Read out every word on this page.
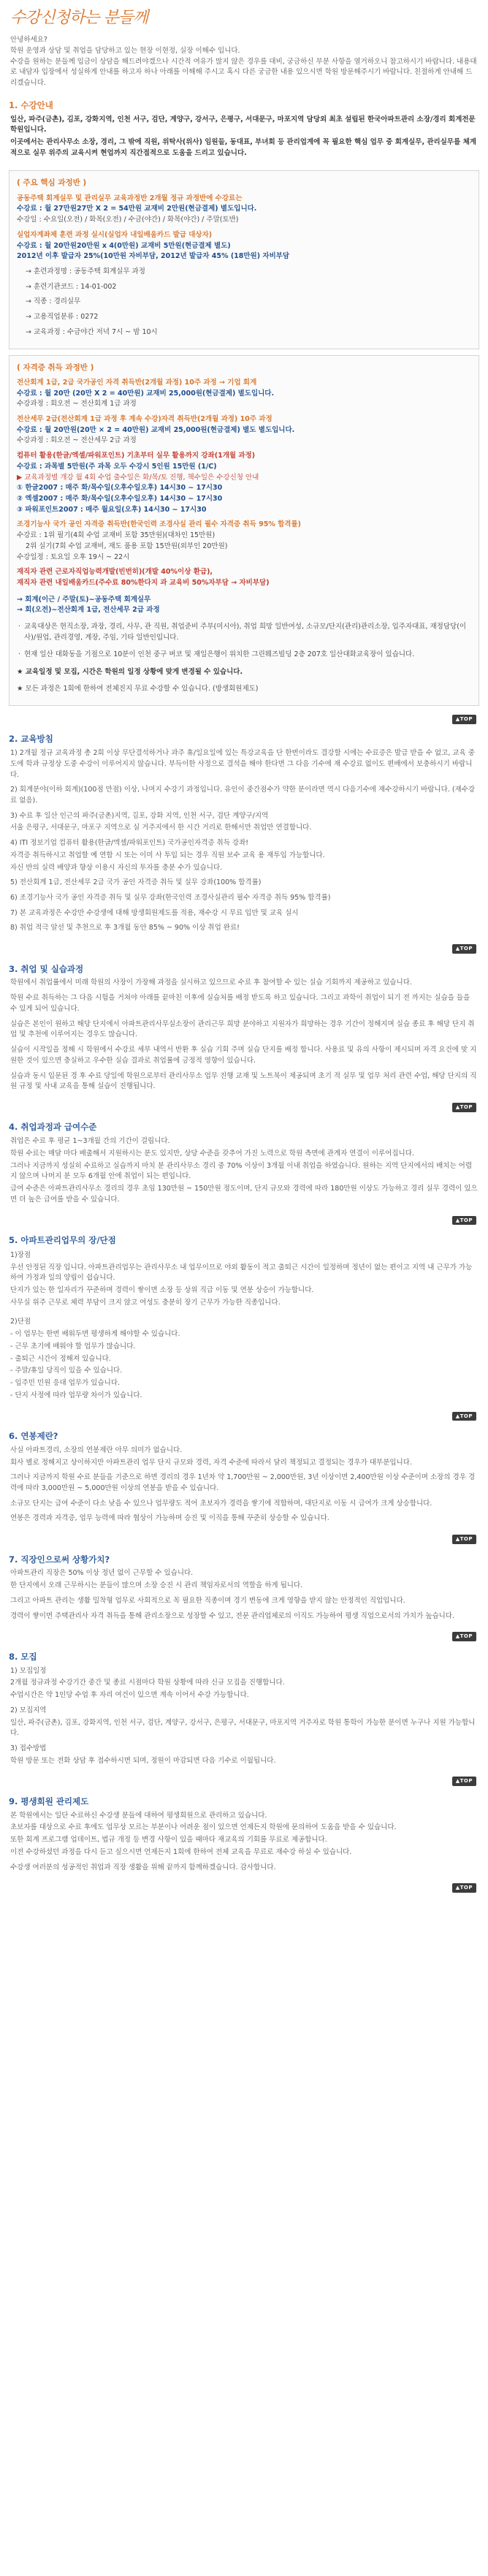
수강신청하는 분들께

안녕하세요?

학원 운영과 상담 및 취업을 담당하고 있는 현장 이현정, 실장 이해수 입니다.

수강을 원하는 분들께 입금이 상담을 해드려야겠으나 시간적 여유가 많지 않은 경우를 대비, 궁금하신 부분 사항을 열거하오니 참고하시기 바랍니다. 내용대로 내담자 입장에서 성실하게 안내를 하고자 하나 아래를 이해해 주시고 혹시 다른 궁금한 내용 있으시면 학원 방문해주시기 바랍니다. 친절하게 안내해 드리겠습니다.

1. 수강안내

일산, 파주(금촌), 김포, 강화지역, 인천 서구, 검단, 계양구, 강서구, 은평구, 서대문구, 마포지역 담당외 최초 설립된 한국아파트관리 소장/경리 회계전문학원입니다.

이곳에서는 관리사무소 소장, 경리, 그 밖에 직원, 위탁사(위사) 임원들, 동대표, 부녀회 등 관리업계에 꼭 필요한 핵심 업무 중 회계실무, 관리실무를 체계적으로 실무 위주의 교육시켜 현업까지 직간접적으로 도움을 드리고 있습니다.

( 주요 핵심 과정반 )
공동주택 회계실무 및 관리실무 교육과정반 2개월 정규 과정반에 수강료는
수강료 : 월 27만원27만 X 2 = 54만원 교재비 2만원(현금결제) 별도입니다.
수강일 : 수요일(오전) / 화목(오전) / 수금(야간) / 화목(야간) / 주말(토반)
실업자계좌제 훈련 과정 실시(실업자 내일배움카드 발급 대상자)
수강료 : 월 20만원20만원 x 4(0만원) 교재비 5만원(현금결제 별도)
2012년 이후 발급자 25%(10만원 자비부담, 2012년 발급자 45% (18만원) 자비부담
→ 훈련과정명 : 공동주택 회계실무 과정
→ 훈련기관코드 : 14-01-002
→ 직종 : 경리실무
→ 고용직업분류 : 0272
→ 교육과정 : 수금야간 저녁 7시 ~ 밤 10시
( 자격증 취득 과정반 )
전산회계 1급, 2급 국가공인 자격 취득반(2개월 과정) 10주 과정 → 기업 회계
수강료 : 월 20만 (20만 X 2 = 40만원) 교재비 25,000원(현금결제) 별도입니다.
수강과정 : 회오전 ~ 전산회계 1급 과정
전산세무 2급(전산회계 1급 과정 후 계속 수강)자격 취득반(2개월 과정) 10주 과정
수강료 : 월 20만원(20만 × 2 = 40만원) 교재비 25,000원(현금결제) 별도 별도입니다.
수강과정 : 회오전 ~ 전산세무 2급 과정
컴퓨터 활용(한글/엑셀/파워포인트) 기초부터 실무 활용까지 강좌(1개월 과정)
수강료 : 과목별 5만원(주 과목 오두 수강시 5인원 15만원 (1/C)
▶ 교육과정별 개강 월 4회 수업 출수일은 화/목/토 진행, 책수일은 수강신청 안내
① 한글2007 : 매주 화/목수일(오후수일오후) 14시30 ~ 17시30
② 엑셀2007 : 매주 화/목수일(오후수일오후) 14시30 ~ 17시30
③ 파워포인트2007 : 매주 월요일(오후) 14시30 ~ 17시30
조경기능사 국가 공인 자격증 취득반(한국인력 조경사실 관리 필수 자격증 취득 95% 합격률)
수강료 : 1위 필기(4회 수업 교재비 포함 35만원)(대차인 15만원)
2위 실기(7회 수업 교재비, 재도 품용 포함 15만원(외부인 20만원)
수강일정 : 토요일 오후 19시 ~ 22시
재직자 관련 근로자직업능력개발(빈번히)(개발 40%이상 환급),
재직자 관련 내일배움카드(주수료 80%한다지 과 교육비 50%자부담 → 자비부담)
→ 회계(이근 / 주말(토)~공동주택 회계실무
→ 회(오전)~전산회계 1급, 전산세무 2급 과정
· 교육대상은 현직소장, 과장, 경리, 사무, 관 직원, 취업준비 주부(미시아), 취업 희망 일반여성, 소규모/단지(관리)관리소장, 입주자대표, 재정담당(이사)/원업, 관리경영, 계장, 주임, 기타 일반인입니다.
· 현재 일산 대화동을 기점으로 10분이 인천 중구 버코 및 재일은행이 위치한 그린웨즈빌딩 2층 207호 일산대화교육장이 있습니다.
★ 교육일정 및 모집, 시간은 학원의 일정 상황에 맞게 변경될 수 있습니다.
★ 모든 과정은 1회에 한하여 전체진지 무료 수강할 수 있습니다. (방생회원제도)
▲TOP
2. 교육방침

1) 2개월 정규 교육과정 총 2회 이상 무단결석하거나 과주 휴/일요일에 있는 특강교육을 단 한번이라도 결강할 시에는 수료증은 발급 받을 수 없고, 교육 중도에 학과 규정상 도중 수강이 이루어지지 않습니다. 부득이한 사정으로 결석을 해야 한다면 그 다음 기수에 재 수강료 없이도 편배에서 보충하시기 바랍니다.

2) 회계분야(이하 회계)(100점 만점) 이상, 나머지 수강기 과정입니다. 유인이 중간점수가 약한 분이라면 역시 다음기수에 재수강하시기 바랍니다. (재수강료 없음).

3) 수료 후 일산 인근의 파주(금촌)지역, 김포, 강화 지역, 인천 서구, 검단 계양구/지역

서울 은평구, 서대문구, 마포구 지역으로 실 거주지에서 한 시간 거리로 한해서만 취업만 연결합니다.

4) ITI 정보기업 컴퓨터 활용(한글/엑셀/파워포인트) 국가공인자격증 취득 강좌!

자격증 취득하시고 취업할 예 연합 시 또는 이미 사 투입 되는 경우 직원 보수 교육 용 재투입 가능합니다.

자신 반의 실력 배양과 향상 이용시 자신의 투자를 충분 수가 있습니다.

5) 전산회계 1급, 전산세무 2급 국가 공인 자격증 취득 및 실무 강좌(100% 합격률)

6) 조경기능사 국가 공인 자격증 취득 및 실무 강좌(한국인력 조경사실관리 필수 자격증 취득 95% 합격률)

7) 본 교육과정은 수강만 수강생에 대해 방생회원제도를 적용, 재수강 시 무료 입만 및 교육 실시

8) 취업 적극 알선 및 추천으로 후 3개월 동안 85% ~ 90% 이상 취업 완료!

▲TOP
3. 취업 및 실습과정

학원에서 취업률에서 미래 학원의 사장이 가장해 과정을 실시하고 있으므로 수료 후 참여할 수 있는 실습 기회까지 제공하고 있습니다.

학원 수료 취득하는 그 다음 시험을 거쳐야 아래를 끝마친 이후에 실습처를 배정 받도록 하고 있습니다. 그리고 과학이 취업이 되기 전 까지는 실습을 들을 수 있게 되어 있습니다.

실습은 본인이 원하고 해당 단지에서 아파트관리사무실소장이 관리근무 희망 분야하고 지원자가 희망하는 경우 기간이 정해지며 실습 종료 후 해당 단지 취업 및 추천에 이루어지는 경우도 많습니다.

실습이 시작일을 정해 시 학원에서 수강료 세부 내역서 반환 후 실습 기회 주며 실습 단지를 배정 합니다. 사용료 및 유의 사항이 제시되며 자격 요건에 맞 지원한 것이 있으면 충실하고 우수한 실습 결과로 취업률에 긍정적 영향이 있습니다.

실습과 동시 입문된 경 후 수료 당일에 학원으로부터 관리사무소 업무 진행 교재 및 노트북이 제공되며 초기 적 실무 및 업무 처리 관련 수업, 해당 단지의 직원 규정 및 사내 교육을 통해 실습이 진행됩니다.

▲TOP
4. 취업과정과 급여수준

취업은 수료 후 평균 1~3개월 간의 기간이 걸립니다.

학원 수료는 매달 마다 배출해서 지원하시는 분도 있지만, 상당 수준을 갖추어 가진 노력으로 학원 측면에 관계자 연결이 이루어집니다.

그러나 지금까지 성실히 수료하고 실습까지 마치 분 관리사무소 경리 중 70% 이상이 3개월 이내 취업을 하였습니다. 원하는 지역 단지에서의 배치는 어렵지 않으며 나머지 분 모두 6개월 안에 취업이 되는 편입니다.

급여 수준은 아파트관리사무소 경리의 경우 초임 130만원 ~ 150만원 정도이며, 단지 규모와 경력에 따라 180만원 이상도 가능하고 경리 실무 경력이 있으면 더 높은 급여를 받을 수 있습니다.

▲TOP
5. 아파트관리업무의 장/단점

1)장점

우선 안정된 직장 입니다. 아파트관리업무는 관리사무소 내 업무이므로 야외 활동이 적고 출퇴근 시간이 일정하며 정년이 없는 편이고 지역 내 근무가 가능하여 가정과 일의 양립이 쉽습니다.

단지가 있는 한 일자리가 꾸준하며 경력이 쌓이면 소장 등 상위 직급 이동 및 연봉 상승이 가능합니다.

사무실 위주 근무로 체력 부담이 크지 않고 여성도 충분히 장기 근무가 가능한 직종입니다.

2)단점

- 이 업무는 한번 배워두면 평생하게 해야할 수 있습니다.

- 근무 초기에 배워야 할 업무가 많습니다.

- 출퇴근 시간이 정해져 있습니다.

- 주말/휴일 당직이 있을 수 있습니다.

- 입주민 민원 응대 업무가 있습니다.

- 단지 사정에 따라 업무량 차이가 있습니다.

▲TOP
6. 연봉제란?

사실 아파트경리, 소장의 연봉제란 아무 의미가 없습니다.

회사 별로 정해지고 상이하지만 아파트관리 업무 단지 규모와 경력, 자격 수준에 따라서 달리 책정되고 결정되는 경우가 대부분입니다.

그러나 지금까지 학원 수료 분들을 기준으로 하면 경리의 경우 1년차 약 1,700만원 ~ 2,000만원, 3년 이상이면 2,400만원 이상 수준이며 소장의 경우 경력에 따라 3,000만원 ~ 5,000만원 이상의 연봉을 받을 수 있습니다.

소규모 단지는 급여 수준이 다소 낮을 수 있으나 업무량도 적어 초보자가 경력을 쌓기에 적합하며, 대단지로 이동 시 급여가 크게 상승합니다.

연봉은 경력과 자격증, 업무 능력에 따라 협상이 가능하며 승진 및 이직을 통해 꾸준히 상승할 수 있습니다.

▲TOP
7. 직장인으로써 상황가치?

아파트관리 직장은 50% 이상 정년 없이 근무할 수 있습니다.

한 단지에서 오래 근무하시는 분들이 많으며 소장 승진 시 관리 책임자로서의 역할을 하게 됩니다.

그리고 아파트 관리는 생활 밀착형 업무로 사회적으로 꼭 필요한 직종이며 경기 변동에 크게 영향을 받지 않는 안정적인 직업입니다.

경력이 쌓이면 주택관리사 자격 취득을 통해 관리소장으로 성장할 수 있고, 전문 관리업체로의 이직도 가능하여 평생 직업으로서의 가치가 높습니다.

▲TOP
8. 모집

1) 모집일정

2개월 정규과정 수강기간 중간 및 종료 시점마다 학원 상황에 따라 신규 모집을 진행합니다.

수업시간은 약 1인당 수업 후 자리 여건이 있으면 계속 이어서 수강 가능합니다.

2) 모집지역

일산, 파주(금촌), 김포, 강화지역, 인천 서구, 검단, 계양구, 강서구, 은평구, 서대문구, 마포지역 거주자로 학원 통학이 가능한 분이면 누구나 지원 가능합니다.

3) 접수방법

학원 방문 또는 전화 상담 후 접수하시면 되며, 정원이 마감되면 다음 기수로 이월됩니다.

▲TOP
9. 평생회원 관리제도

본 학원에서는 일단 수료하신 수강생 분들에 대하여 평생회원으로 관리하고 있습니다.

초보자를 대상으로 수료 후에도 업무상 모르는 부분이나 어려운 점이 있으면 언제든지 학원에 문의하여 도움을 받을 수 있습니다.

또한 회계 프로그램 업데이트, 법규 개정 등 변경 사항이 있을 때마다 재교육의 기회를 무료로 제공합니다.

이전 수강하셨던 과정을 다시 듣고 싶으시면 언제든지 1회에 한하여 전체 교육을 무료로 재수강 하실 수 있습니다.

수강생 여러분의 성공적인 취업과 직장 생활을 위해 끝까지 함께하겠습니다. 감사합니다.

▲TOP
